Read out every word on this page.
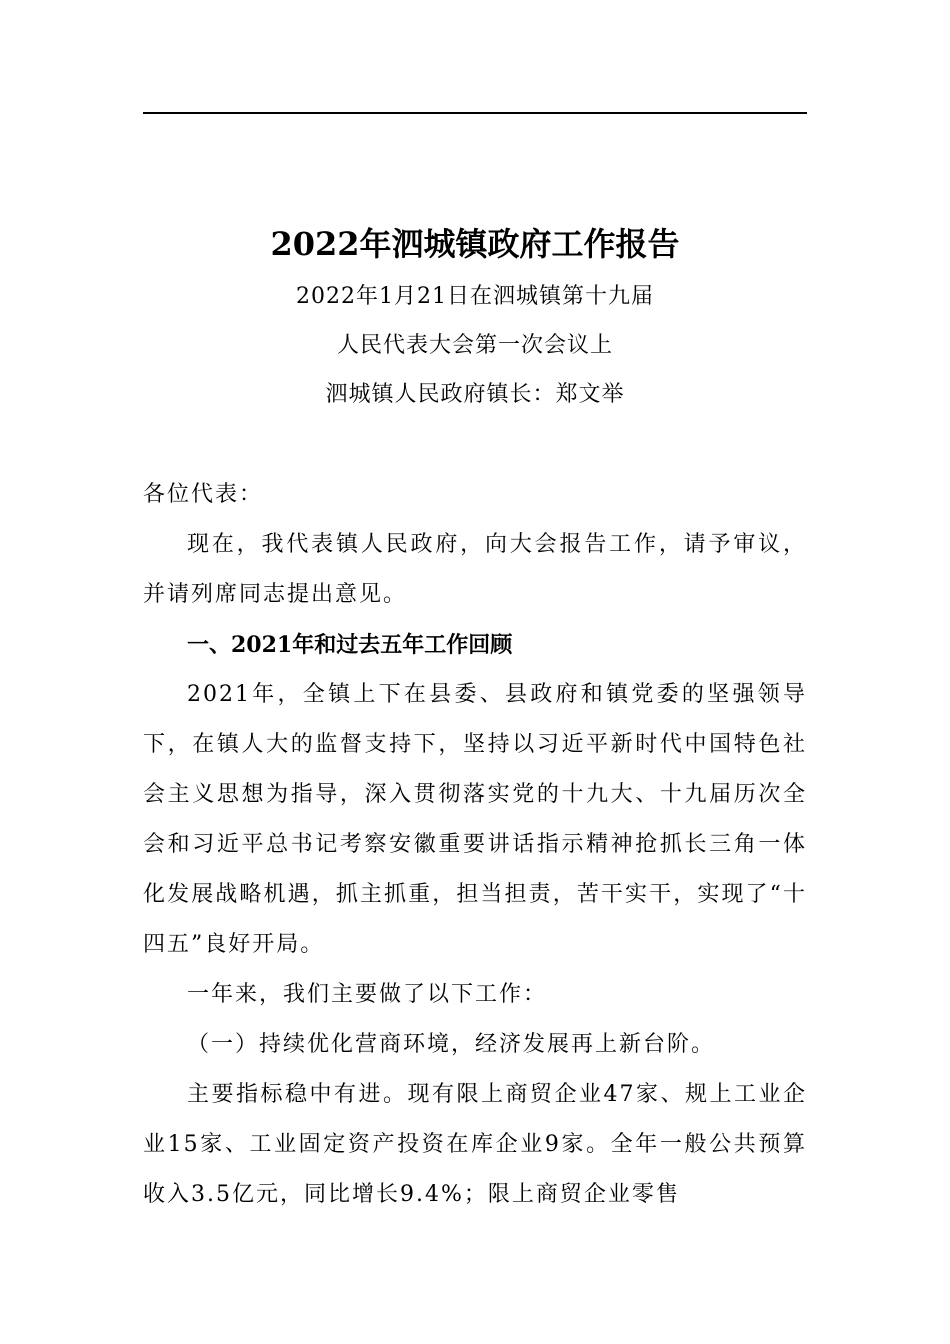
2022年泗城镇政府工作报告

2022年1月21日在泗城镇第十九届

人民代表大会第一次会议上

泗城镇人民政府镇长：郑文举

各位代表：

现在，我代表镇人民政府，向大会报告工作，请予审议，并请列席同志提出意见。

一、2021年和过去五年工作回顾

2021年，全镇上下在县委、县政府和镇党委的坚强领导下，在镇人大的监督支持下，坚持以习近平新时代中国特色社会主义思想为指导，深入贯彻落实党的十九大、十九届历次全会和习近平总书记考察安徽重要讲话指示精神抢抓长三角一体化发展战略机遇，抓主抓重，担当担责，苦干实干，实现了“十四五”良好开局。

一年来，我们主要做了以下工作：

（一）持续优化营商环境，经济发展再上新台阶。

主要指标稳中有进。现有限上商贸企业47家、规上工业企业15家、工业固定资产投资在库企业9家。全年一般公共预算收入3.5亿元，同比增长9.4%；限上商贸企业零售
